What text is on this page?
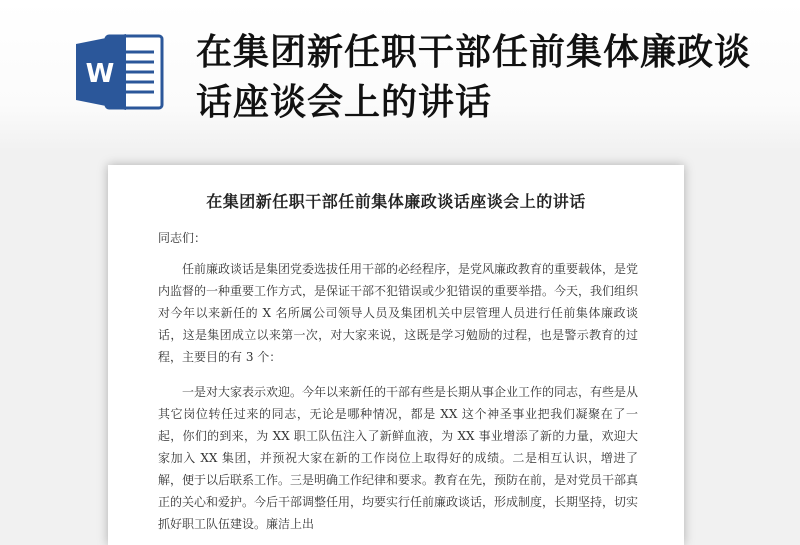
W
在集团新任职干部任前集体廉政谈话座谈会上的讲话
在集团新任职干部任前集体廉政谈话座谈会上的讲话
同志们：

任前廉政谈话是集团党委选拔任用干部的必经程序，是党风廉政教育的重要载体，是党内监督的一种重要工作方式，是保证干部不犯错误或少犯错误的重要举措。今天，我们组织对今年以来新任的 X 名所属公司领导人员及集团机关中层管理人员进行任前集体廉政谈话，这是集团成立以来第一次，对大家来说，这既是学习勉励的过程，也是警示教育的过程，主要目的有 3 个：

一是对大家表示欢迎。今年以来新任的干部有些是长期从事企业工作的同志，有些是从其它岗位转任过来的同志，无论是哪种情况，都是 XX 这个神圣事业把我们凝聚在了一起，你们的到来，为 XX 职工队伍注入了新鲜血液，为 XX 事业增添了新的力量，欢迎大家加入 XX 集团，并预祝大家在新的工作岗位上取得好的成绩。二是相互认识，增进了解，便于以后联系工作。三是明确工作纪律和要求。教育在先，预防在前，是对党员干部真正的关心和爱护。今后干部调整任用，均要实行任前廉政谈话，形成制度，长期坚持，切实抓好职工队伍建设。廉洁上出
